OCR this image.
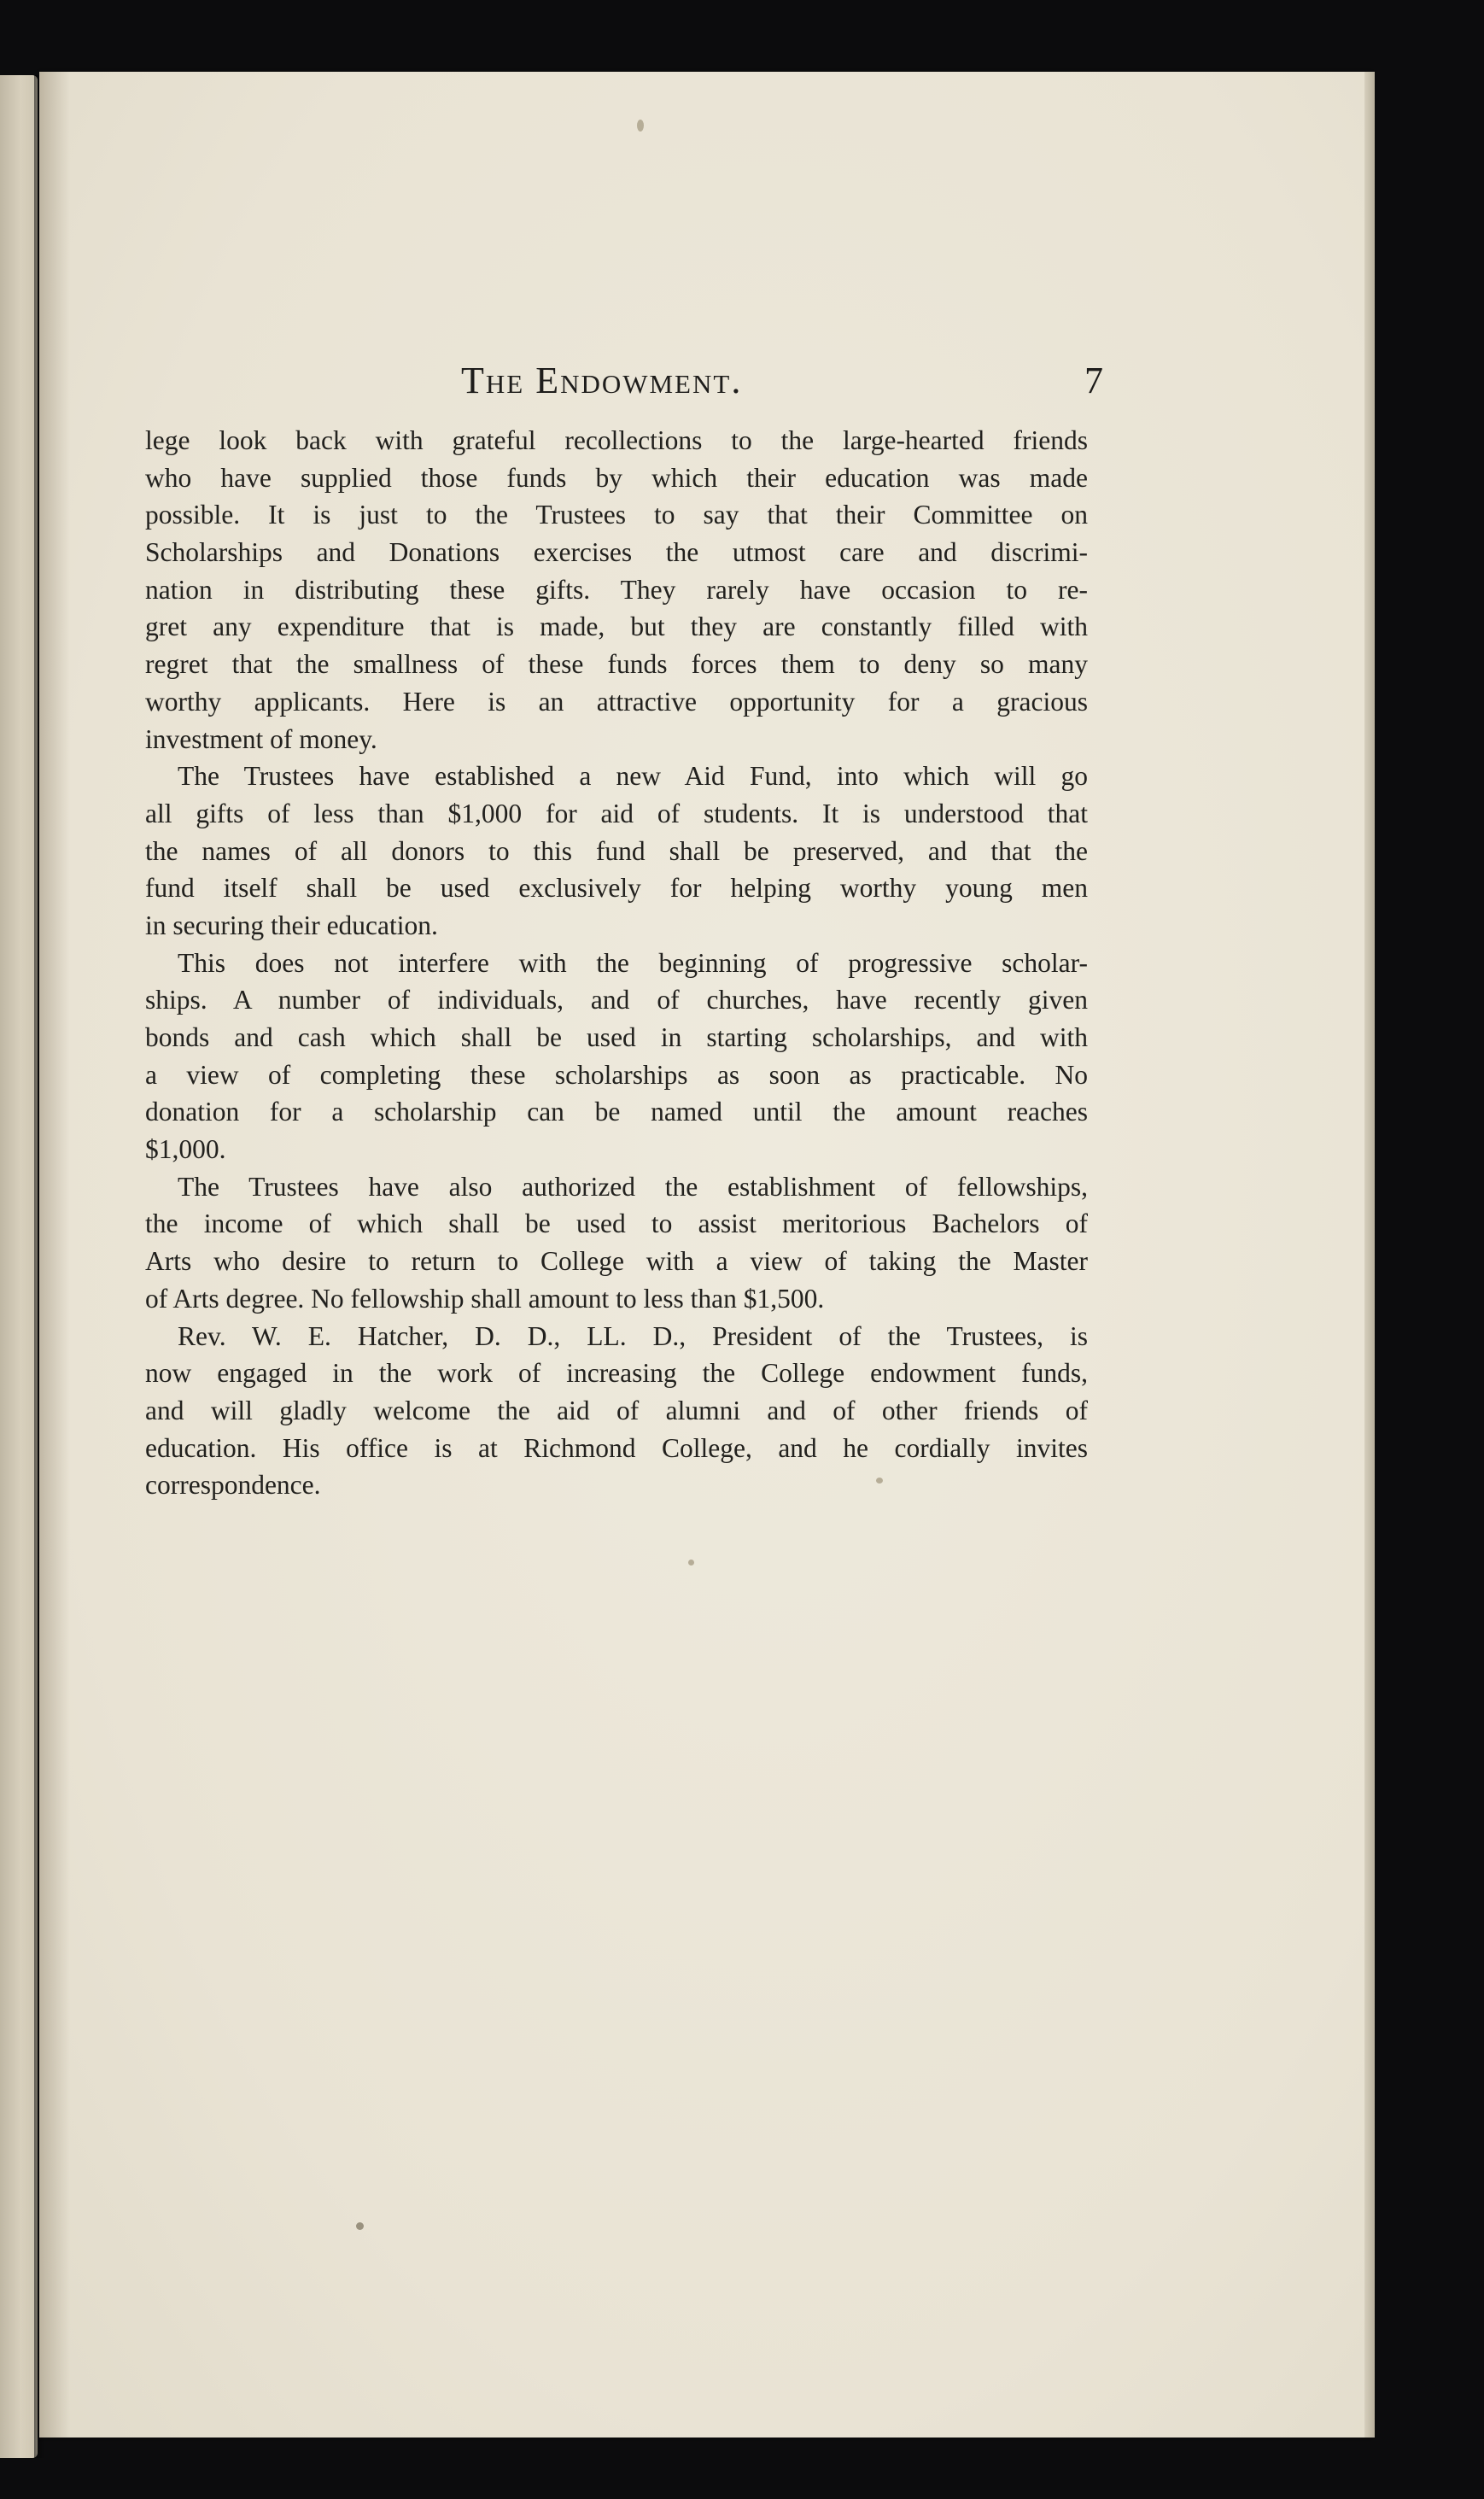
The Endowment.	7
lege look back with grateful recollections to the large-hearted friends
who have supplied those funds by which their education was made
possible. It is just to the Trustees to say that their Committee on
Scholarships and Donations exercises the utmost care and discrimi-
nation in distributing these gifts. They rarely have occasion to re-
gret any expenditure that is made, but they are constantly filled with
regret that the smallness of these funds forces them to deny so many
worthy applicants. Here is an attractive opportunity for a gracious
investment of money.
The Trustees have established a new Aid Fund, into which will go
all gifts of less than $1,000 for aid of students. It is understood that
the names of all donors to this fund shall be preserved, and that the
fund itself shall be used exclusively for helping worthy young men
in securing their education.
This does not interfere with the beginning of progressive scholar-
ships. A number of individuals, and of churches, have recently given
bonds and cash which shall be used in starting scholarships, and with
a view of completing these scholarships as soon as practicable. No
donation for a scholarship can be named until the amount reaches
$1,000.
The Trustees have also authorized the establishment of fellowships,
the income of which shall be used to assist meritorious Bachelors of
Arts who desire to return to College with a view of taking the Master
of Arts degree. No fellowship shall amount to less than $1,500.
Rev. W. E. Hatcher, D. D., LL. D., President of the Trustees, is
now engaged in the work of increasing the College endowment funds,
and will gladly welcome the aid of alumni and of other friends of
education. His office is at Richmond College, and he cordially invites
correspondence.
